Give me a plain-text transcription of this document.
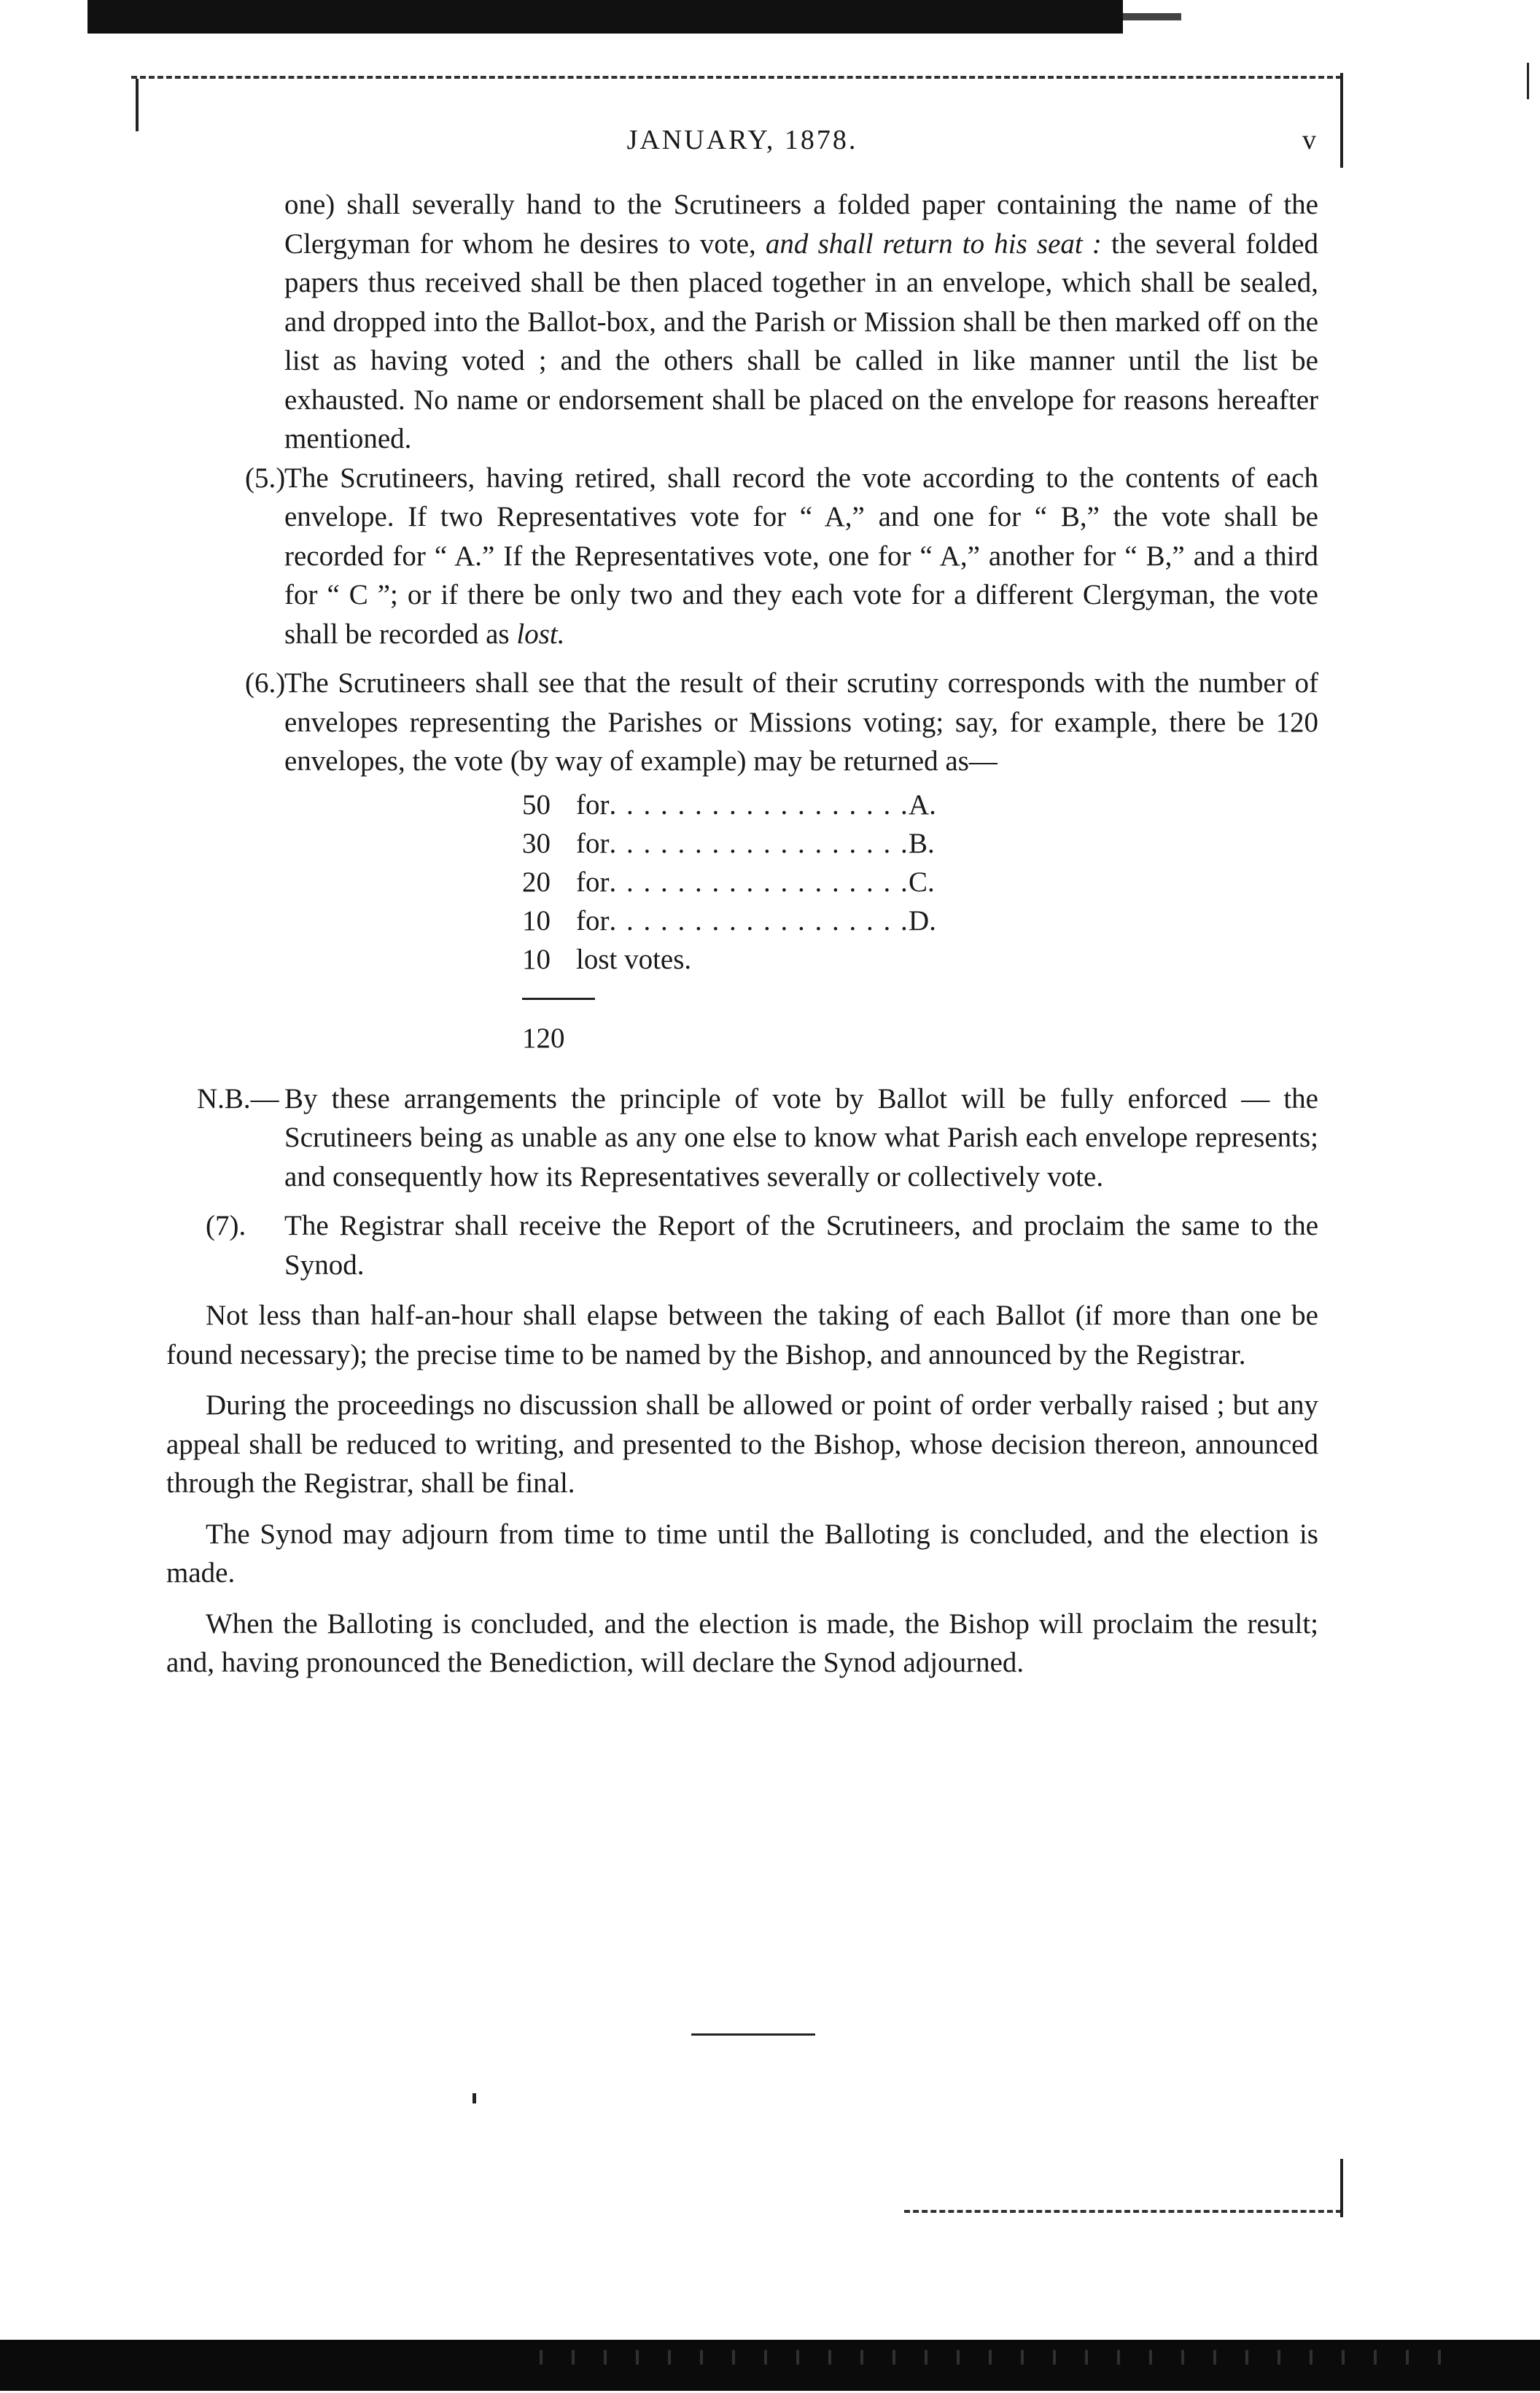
JANUARY, 1878.	v

one) shall severally hand to the Scrutineers a folded paper containing the name of the Clergyman for whom he desires to vote, and shall return to his seat : the several folded papers thus received shall be then placed together in an envelope, which shall be sealed, and dropped into the Ballot-box, and the Parish or Mission shall be then marked off on the list as having voted ; and the others shall be called in like manner until the list be exhausted. No name or endorsement shall be placed on the envelope for reasons hereafter mentioned.

(5.)
The Scrutineers, having retired, shall record the vote according to the contents of each envelope. If two Representatives vote for “ A,” and one for “ B,” the vote shall be recorded for “ A.” If the Representatives vote, one for “ A,” another for “ B,” and a third for “ C ”; or if there be only two and they each vote for a different Clergyman, the vote shall be recorded as lost.

(6.)
The Scrutineers shall see that the result of their scrutiny corresponds with the number of envelopes representing the Parishes or Missions voting; say, for example, there be 120 envelopes, the vote (by way of example) may be returned as—

50 for . . .	A.
30 for . . .	B.
20 for . . .	C.
10 for . . .	D.
10 lost votes.
120

N.B.— By these arrangements the principle of vote by Ballot will be fully enforced — the Scrutineers being as unable as any one else to know what Parish each envelope represents; and consequently how its Representatives severally or collectively vote.

(7). The Registrar shall receive the Report of the Scrutineers, and proclaim the same to the Synod.

Not less than half-an-hour shall elapse between the taking of each Ballot (if more than one be found necessary); the precise time to be named by the Bishop, and announced by the Registrar.

During the proceedings no discussion shall be allowed or point of order verbally raised ; but any appeal shall be reduced to writing, and presented to the Bishop, whose decision thereon, announced through the Registrar, shall be final.

The Synod may adjourn from time to time until the Balloting is concluded, and the election is made.

When the Balloting is concluded, and the election is made, the Bishop will proclaim the result; and, having pronounced the Benediction, will declare the Synod adjourned.
